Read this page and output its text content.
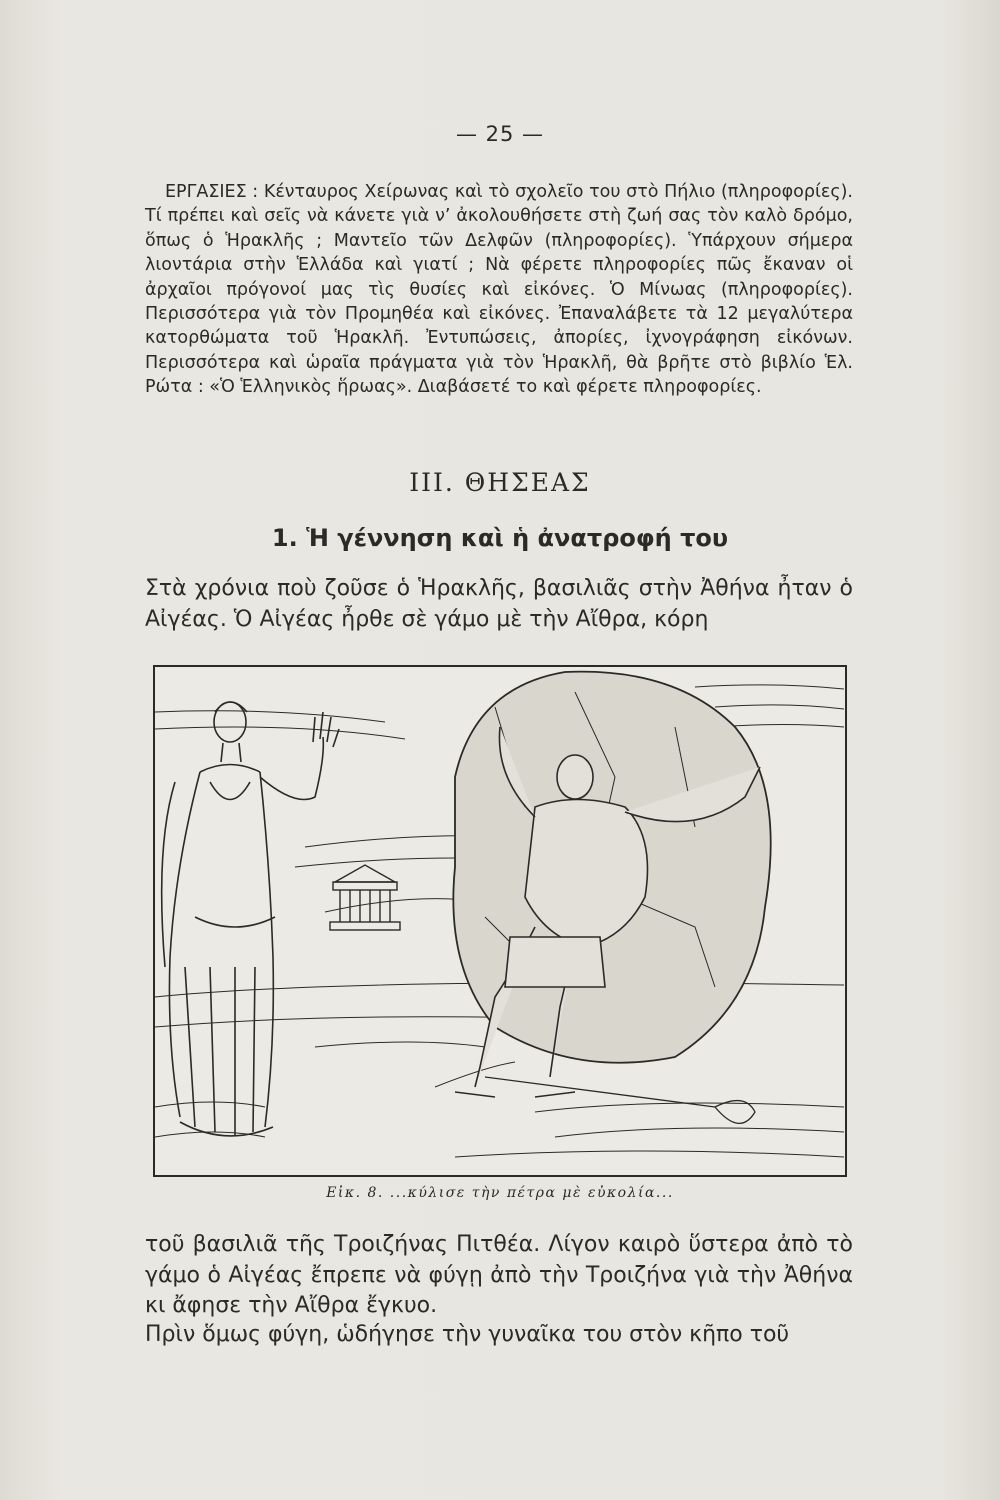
— 25 —

ΕΡΓΑΣΙΕΣ : Κένταυρος Χείρωνας καὶ τὸ σχολεῖο του στὸ Πήλιο (πληροφορίες). Τί πρέπει καὶ σεῖς νὰ κάνετε γιὰ ν’ ἀκολουθήσετε στὴ ζωή σας τὸν καλὸ δρόμο, ὅπως ὁ Ἡρακλῆς ; Μαντεῖο τῶν Δελφῶν (πληροφορίες). Ὑπάρχουν σήμερα λιοντάρια στὴν Ἑλλάδα καὶ γιατί ; Νὰ φέρετε πληροφορίες πῶς ἔκαναν οἱ ἀρχαῖοι πρόγονοί μας τὶς θυσίες καὶ εἰκόνες. Ὁ Μίνωας (πληροφορίες). Περισσότερα γιὰ τὸν Προμηθέα καὶ εἰκόνες. Ἐπαναλάβετε τὰ 12 μεγαλύτερα κατορθώματα τοῦ Ἡρακλῆ. Ἐντυπώσεις, ἀπορίες, ἰχνογράφηση εἰκόνων. Περισσότερα καὶ ὡραῖα πράγματα γιὰ τὸν Ἡρακλῆ, θὰ βρῆτε στὸ βιβλίο Ἑλ. Ρώτα : «Ὁ Ἑλληνικὸς ἥρωας». Διαβάσετέ το καὶ φέρετε πληροφορίες.

III. ΘΗΣΕΑΣ
1. Ἡ γέννηση καὶ ἡ ἀνατροφή του

Στὰ χρόνια ποὺ ζοῦσε ὁ Ἡρακλῆς, βασιλιᾶς στὴν Ἀθήνα ἦταν ὁ Αἰγέας. Ὁ Αἰγέας ἦρθε σὲ γάμο μὲ τὴν Αἴθρα, κόρη

Εἰκ. 8. ...κύλισε τὴν πέτρα μὲ εὐκολία...

τοῦ βασιλιᾶ τῆς Τροιζήνας Πιτθέα. Λίγον καιρὸ ὕστερα ἀπὸ τὸ γάμο ὁ Αἰγέας ἔπρεπε νὰ φύγῃ ἀπὸ τὴν Τροιζήνα γιὰ τὴν Ἀθήνα κι ἄφησε τὴν Αἴθρα ἔγκυο.

Πρὶν ὅμως φύγη, ὡδήγησε τὴν γυναῖκα του στὸν κῆπο τοῦ
